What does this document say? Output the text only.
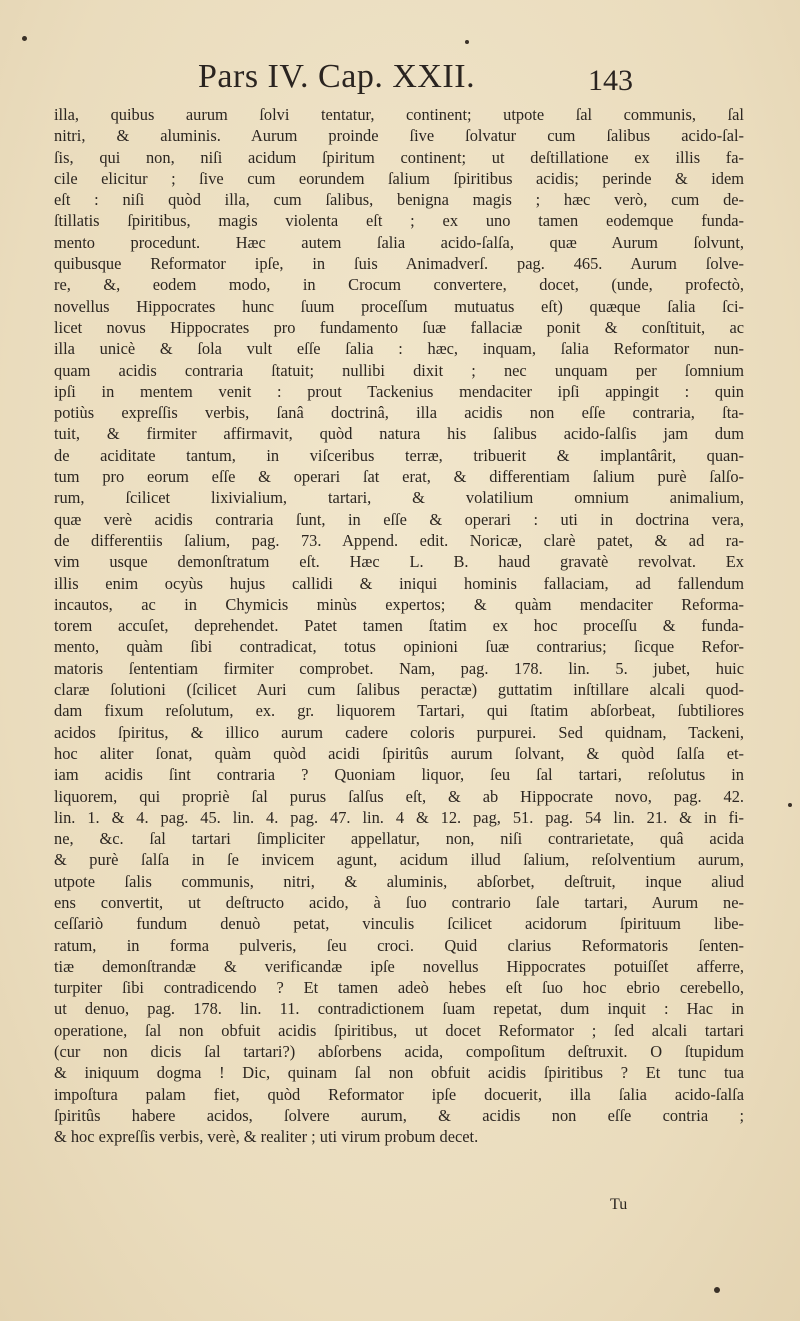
Pars IV. Cap. XXII.	143
illa, quibus aurum ſolvi tentatur, continent; utpote ſal communis, ſal
nitri, & aluminis. Aurum proinde ſive ſolvatur cum ſalibus acido-ſal-
ſis, qui non, niſi acidum ſpiritum continent; ut deſtillatione ex illis fa-
cile elicitur ; ſive cum eorundem ſalium ſpiritibus acidis; perinde & idem
eſt : niſi quòd illa, cum ſalibus, benigna magis ; hæc verò, cum de-
ſtillatis ſpiritibus, magis violenta eſt ; ex uno tamen eodemque funda-
mento procedunt. Hæc autem ſalia acido-ſalſa, quæ Aurum ſolvunt,
quibusque Reformator ipſe, in ſuis Animadverſ. pag. 465. Aurum ſolve-
re, &, eodem modo, in Crocum convertere, docet, (unde, profectò,
novellus Hippocrates hunc ſuum proceſſum mutuatus eſt) quæque ſalia ſci-
licet novus Hippocrates pro fundamento ſuæ fallaciæ ponit & conſtituit, ac
illa unicè & ſola vult eſſe ſalia : hæc, inquam, ſalia Reformator nun-
quam acidis contraria ſtatuit; nullibi dixit ; nec unquam per ſomnium
ipſi in mentem venit : prout Tackenius mendaciter ipſi appingit : quin
potiùs expreſſis verbis, ſanâ doctrinâ, illa acidis non eſſe contraria, ſta-
tuit, & firmiter affirmavit, quòd natura his ſalibus acido-ſalſis jam dum
de aciditate tantum, in viſceribus terræ, tribuerit & implantârit, quan-
tum pro eorum eſſe & operari ſat erat, & differentiam ſalium purè ſalſo-
rum, ſcilicet lixivialium, tartari, & volatilium omnium animalium,
quæ verè acidis contraria ſunt, in eſſe & operari : uti in doctrina vera,
de differentiis ſalium, pag. 73. Append. edit. Noricæ, clarè patet, & ad ra-
vim usque demonſtratum eſt. Hæc L. B. haud gravatè revolvat. Ex
illis enim ocyùs hujus callidi & iniqui hominis fallaciam, ad fallendum
incautos, ac in Chymicis minùs expertos; & quàm mendaciter Reforma-
torem accuſet, deprehendet. Patet tamen ſtatim ex hoc proceſſu & funda-
mento, quàm ſibi contradicat, totus opinioni ſuæ contrarius; ſicque Refor-
matoris ſententiam firmiter comprobet. Nam, pag. 178. lin. 5. jubet, huic
claræ ſolutioni (ſcilicet Auri cum ſalibus peractæ) guttatim inſtillare alcali quod-
dam fixum reſolutum, ex. gr. liquorem Tartari, qui ſtatim abſorbeat, ſubtiliores
acidos ſpiritus, & illico aurum cadere coloris purpurei. Sed quidnam, Tackeni,
hoc aliter ſonat, quàm quòd acidi ſpiritûs aurum ſolvant, & quòd ſalſa et-
iam acidis ſint contraria ? Quoniam liquor, ſeu ſal tartari, reſolutus in
liquorem, qui propriè ſal purus ſalſus eſt, & ab Hippocrate novo, pag. 42.
lin. 1. & 4. pag. 45. lin. 4. pag. 47. lin. 4 & 12. pag, 51. pag. 54 lin. 21. & in fi-
ne, &c. ſal tartari ſimpliciter appellatur, non, niſi contrarietate, quâ acida
& purè ſalſa in ſe invicem agunt, acidum illud ſalium, reſolventium aurum,
utpote ſalis communis, nitri, & aluminis, abſorbet, deſtruit, inque aliud
ens convertit, ut deſtructo acido, à ſuo contrario ſale tartari, Aurum ne-
ceſſariò fundum denuò petat, vinculis ſcilicet acidorum ſpirituum libe-
ratum, in forma pulveris, ſeu croci. Quid clarius Reformatoris ſenten-
tiæ demonſtrandæ & verificandæ ipſe novellus Hippocrates potuiſſet afferre,
turpiter ſibi contradicendo ? Et tamen adeò hebes eſt ſuo hoc ebrio cerebello,
ut denuo, pag. 178. lin. 11. contradictionem ſuam repetat, dum inquit : Hac in
operatione, ſal non obfuit acidis ſpiritibus, ut docet Reformator ; ſed alcali tartari
(cur non dicis ſal tartari?) abſorbens acida, compoſitum deſtruxit. O ſtupidum
& iniquum dogma ! Dic, quinam ſal non obfuit acidis ſpiritibus ? Et tunc tua
impoſtura palam fiet, quòd Reformator ipſe docuerit, illa ſalia acido-ſalſa
ſpiritûs habere acidos, ſolvere aurum, & acidis non eſſe contria ;
& hoc expreſſis verbis, verè, & realiter ; uti virum probum decet.
Tu
